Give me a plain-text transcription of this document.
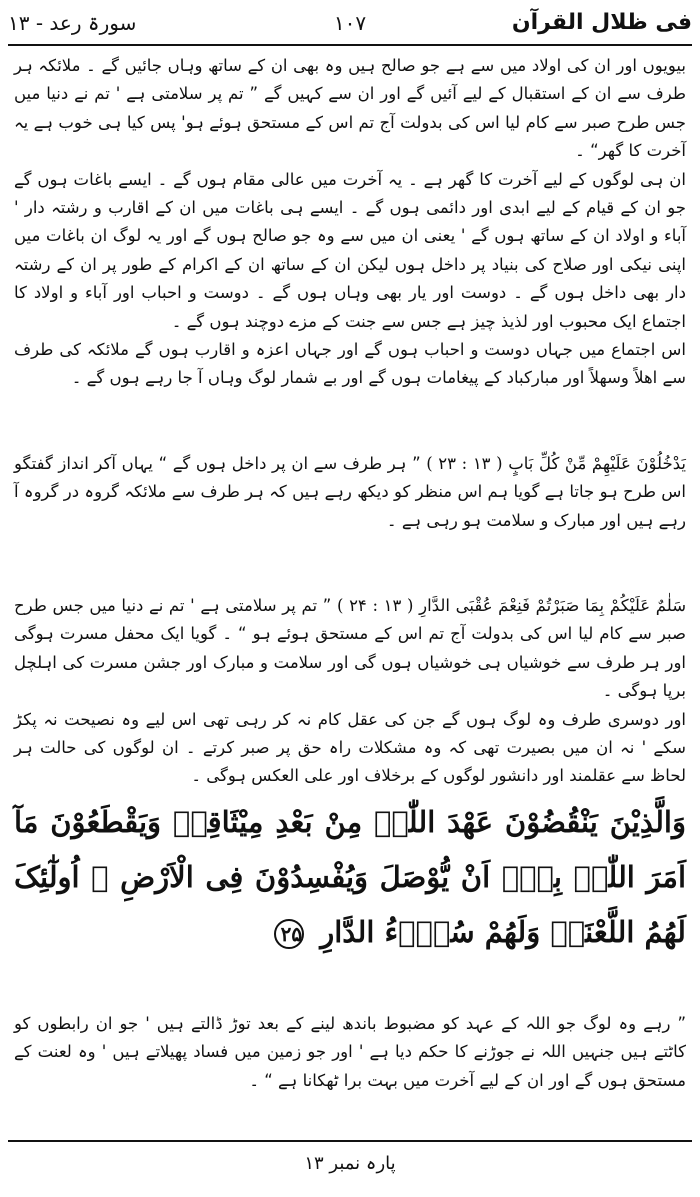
فی ظلال القرآن
۱۰۷
سورۃ رعد - ۱۳

بیویوں اور ان کی اولاد میں سے ہے جو صالح ہیں وہ بھی ان کے ساتھ وہاں جائیں گے ۔ ملائکہ ہر طرف سے ان کے استقبال کے لیے آئیں گے اور ان سے کہیں گے ” تم پر سلامتی ہے ' تم نے دنیا میں جس طرح صبر سے کام لیا اس کی بدولت آج تم اس کے مستحق ہوئے ہو' پس کیا ہی خوب ہے یہ آخرت کا گھر“ ۔

ان ہی لوگوں کے لیے آخرت کا گھر ہے ۔ یہ آخرت میں عالی مقام ہوں گے ۔ ایسے باغات ہوں گے جو ان کے قیام کے لیے ابدی اور دائمی ہوں گے ۔ ایسے ہی باغات میں ان کے اقارب و رشتہ دار ' آباء و اولاد ان کے ساتھ ہوں گے ' یعنی ان میں سے وہ جو صالح ہوں گے اور یہ لوگ ان باغات میں اپنی نیکی اور صلاح کی بنیاد پر داخل ہوں لیکن ان کے ساتھ ان کے اکرام کے طور پر ان کے رشتہ دار بھی داخل ہوں گے ۔ دوست اور یار بھی وہاں ہوں گے ۔ دوست و احباب اور آباء و اولاد کا اجتماع ایک محبوب اور لذیذ چیز ہے جس سے جنت کے مزے دوچند ہوں گے ۔

اس اجتماع میں جہاں دوست و احباب ہوں گے اور جہاں اعزہ و اقارب ہوں گے ملائکہ کی طرف سے اھلاً وسھلاً اور مبارکباد کے پیغامات ہوں گے اور بے شمار لوگ وہاں آ جا رہے ہوں گے ۔

یَدْخُلُوْنَ عَلَیْھِمْ مِّنْ کُلِّ بَابٍ ( ۱۳ : ۲۳ ) ” ہر طرف سے ان پر داخل ہوں گے “ یہاں آکر انداز گفتگو اس طرح ہو جاتا ہے گویا ہم اس منظر کو دیکھ رہے ہیں کہ ہر طرف سے ملائکہ گروہ در گروہ آ رہے ہیں اور مبارک و سلامت ہو رہی ہے ۔

سَلٰمٌ عَلَیْکُمْ بِمَا صَبَرْتُمْ فَنِعْمَ عُقْبَی الدَّارِ ( ۱۳ : ۲۴ ) ” تم پر سلامتی ہے ' تم نے دنیا میں جس طرح صبر سے کام لیا اس کی بدولت آج تم اس کے مستحق ہوئے ہو “ ۔ گویا ایک محفل مسرت ہوگی اور ہر طرف سے خوشیاں ہی خوشیاں ہوں گی اور سلامت و مبارک اور جشن مسرت کی اہلچل برپا ہوگی ۔

اور دوسری طرف وہ لوگ ہوں گے جن کی عقل کام نہ کر رہی تھی اس لیے وہ نصیحت نہ پکڑ سکے ' نہ ان میں بصیرت تھی کہ وہ مشکلات راہ حق پر صبر کرتے ۔ ان لوگوں کی حالت ہر لحاظ سے عقلمند اور دانشور لوگوں کے برخلاف اور علی العکس ہوگی ۔

وَالَّذِیْنَ یَنْقُضُوْنَ عَھْدَ اللّٰہِ مِنْ بَعْدِ مِیْثَاقِہٖ وَیَقْطَعُوْنَ مَآ اَمَرَ اللّٰہُ بِہٖٓ اَنْ یُّوْصَلَ وَیُفْسِدُوْنَ فِی الْاَرْضِ ۙ اُولٰٓئِکَ لَھُمُ اللَّعْنَۃُ وَلَھُمْ سُوْۗءُ الدَّارِ ۲۵

” رہے وہ لوگ جو اللہ کے عہد کو مضبوط باندھ لینے کے بعد توڑ ڈالتے ہیں ' جو ان رابطوں کو کاٹتے ہیں جنہیں اللہ نے جوڑنے کا حکم دیا ہے ' اور جو زمین میں فساد پھیلاتے ہیں ' وہ لعنت کے مستحق ہوں گے اور ان کے لیے آخرت میں بہت برا ٹھکانا ہے “ ۔

پارہ نمبر ۱۳
